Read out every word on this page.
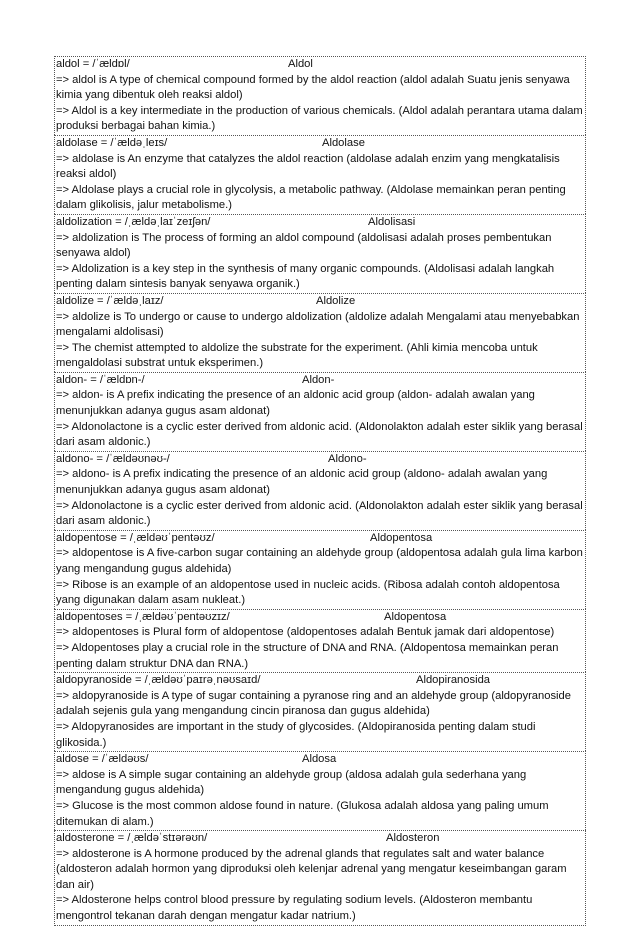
aldol = /ˈældɒl/	Aldol
=> aldol is A type of chemical compound formed by the aldol reaction (aldol adalah Suatu jenis senyawa kimia yang dibentuk oleh reaksi aldol)
=> Aldol is a key intermediate in the production of various chemicals. (Aldol adalah perantara utama dalam produksi berbagai bahan kimia.)
aldolase = /ˈældəˌleɪs/	Aldolase
=> aldolase is An enzyme that catalyzes the aldol reaction (aldolase adalah enzim yang mengkatalisis reaksi aldol)
=> Aldolase plays a crucial role in glycolysis, a metabolic pathway. (Aldolase memainkan peran penting dalam glikolisis, jalur metabolisme.)
aldolization = /ˌældəˌlaɪˈzeɪʃən/	Aldolisasi
=> aldolization is The process of forming an aldol compound (aldolisasi adalah proses pembentukan senyawa aldol)
=> Aldolization is a key step in the synthesis of many organic compounds. (Aldolisasi adalah langkah penting dalam sintesis banyak senyawa organik.)
aldolize = /ˈældəˌlaɪz/	Aldolize
=> aldolize is To undergo or cause to undergo aldolization (aldolize adalah Mengalami atau menyebabkan mengalami aldolisasi)
=> The chemist attempted to aldolize the substrate for the experiment. (Ahli kimia mencoba untuk mengaldolasi substrat untuk eksperimen.)
aldon- = /ˈældɒn-/	Aldon-
=> aldon- is A prefix indicating the presence of an aldonic acid group (aldon- adalah awalan yang menunjukkan adanya gugus asam aldonat)
=> Aldonolactone is a cyclic ester derived from aldonic acid. (Aldonolakton adalah ester siklik yang berasal dari asam aldonic.)
aldono- = /ˈældəʊnəʊ-/	Aldono-
=> aldono- is A prefix indicating the presence of an aldonic acid group (aldono- adalah awalan yang menunjukkan adanya gugus asam aldonat)
=> Aldonolactone is a cyclic ester derived from aldonic acid. (Aldonolakton adalah ester siklik yang berasal dari asam aldonic.)
aldopentose = /ˌældəʊˈpentəʊz/	Aldopentosa
=> aldopentose is A five-carbon sugar containing an aldehyde group (aldopentosa adalah gula lima karbon yang mengandung gugus aldehida)
=> Ribose is an example of an aldopentose used in nucleic acids. (Ribosa adalah contoh aldopentosa yang digunakan dalam asam nukleat.)
aldopentoses = /ˌældəʊˈpentəʊzɪz/	Aldopentosa
=> aldopentoses is Plural form of aldopentose (aldopentoses adalah Bentuk jamak dari aldopentose)
=> Aldopentoses play a crucial role in the structure of DNA and RNA. (Aldopentosa memainkan peran penting dalam struktur DNA dan RNA.)
aldopyranoside = /ˌældəʊˈpaɪrəˌnəʊsaɪd/	Aldopiranosida
=> aldopyranoside is A type of sugar containing a pyranose ring and an aldehyde group (aldopyranoside adalah sejenis gula yang mengandung cincin piranosa dan gugus aldehida)
=> Aldopyranosides are important in the study of glycosides. (Aldopiranosida penting dalam studi glikosida.)
aldose = /ˈældəʊs/	Aldosa
=> aldose is A simple sugar containing an aldehyde group (aldosa adalah gula sederhana yang mengandung gugus aldehida)
=> Glucose is the most common aldose found in nature. (Glukosa adalah aldosa yang paling umum ditemukan di alam.)
aldosterone = /ˌældəˈstɪərəʊn/	Aldosteron
=> aldosterone is A hormone produced by the adrenal glands that regulates salt and water balance (aldosteron adalah hormon yang diproduksi oleh kelenjar adrenal yang mengatur keseimbangan garam dan air)
=> Aldosterone helps control blood pressure by regulating sodium levels. (Aldosteron membantu mengontrol tekanan darah dengan mengatur kadar natrium.)
